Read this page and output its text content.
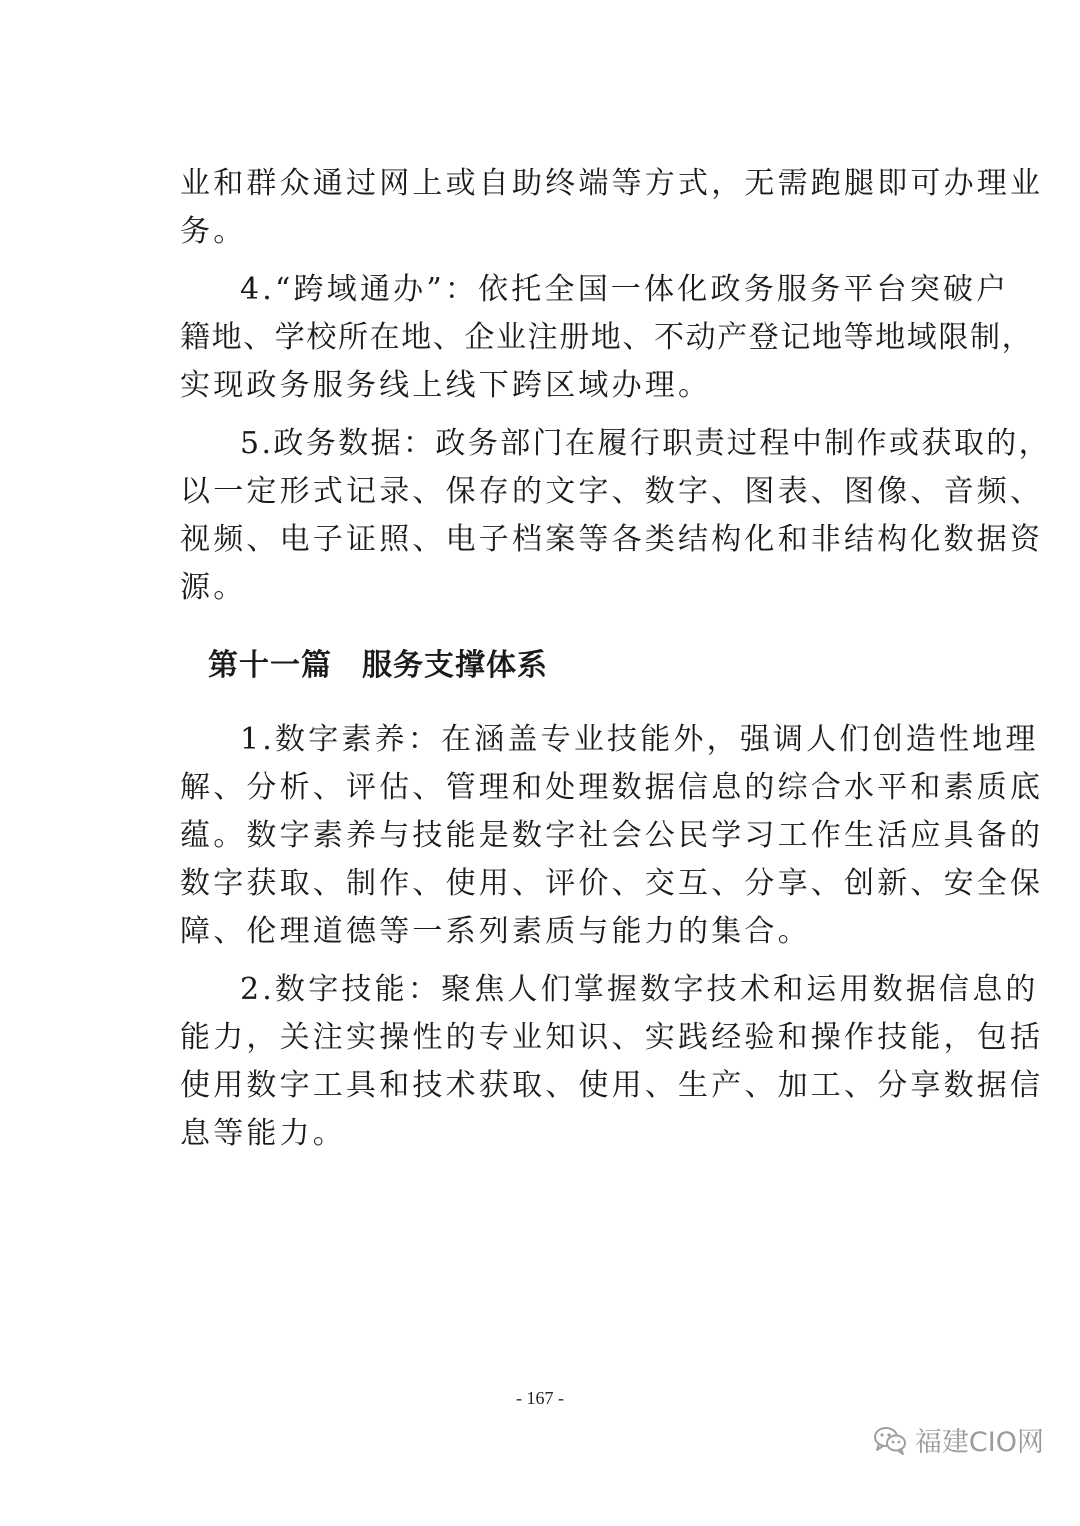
业和群众通过网上或自助终端等方式，无需跑腿即可办理业
务。
4.“跨域通办”：依托全国一体化政务服务平台突破户
籍地、学校所在地、企业注册地、不动产登记地等地域限制，
实现政务服务线上线下跨区域办理。
5.政务数据：政务部门在履行职责过程中制作或获取的，
以一定形式记录、保存的文字、数字、图表、图像、音频、
视频、电子证照、电子档案等各类结构化和非结构化数据资
源。
第十一篇 服务支撑体系
1.数字素养：在涵盖专业技能外，强调人们创造性地理
解、分析、评估、管理和处理数据信息的综合水平和素质底
蕴。数字素养与技能是数字社会公民学习工作生活应具备的
数字获取、制作、使用、评价、交互、分享、创新、安全保
障、伦理道德等一系列素质与能力的集合。
2.数字技能：聚焦人们掌握数字技术和运用数据信息的
能力，关注实操性的专业知识、实践经验和操作技能，包括
使用数字工具和技术获取、使用、生产、加工、分享数据信
息等能力。
- 167 -
福建CIO网
